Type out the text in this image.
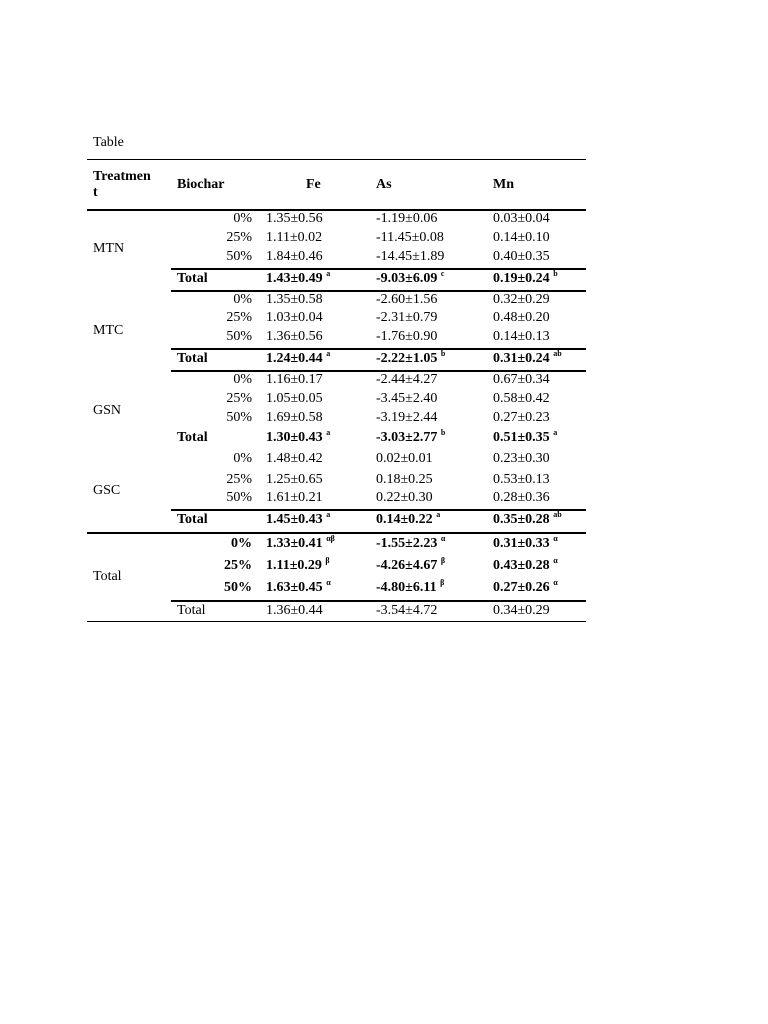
Table
Treatmen
t
Biochar	Fe	As	Mn
MTN
0% 1.35±0.56	-1.19±0.06	0.03±0.04
25% 1.11±0.02	-11.45±0.08	0.14±0.10
50% 1.84±0.46	-14.45±1.89	0.40±0.35
Total	1.43±0.49 $^a$	-9.03±6.09 $^c$	0.19±0.24 $^b$
MTC
0% 1.35±0.58	-2.60±1.56	0.32±0.29
25% 1.03±0.04	-2.31±0.79	0.48±0.20
50% 1.36±0.56	-1.76±0.90	0.14±0.13
Total	1.24±0.44 $^a$	-2.22±1.05 $^b$	0.31±0.24 $^{ab}$
GSN
0% 1.16±0.17	-2.44±4.27	0.67±0.34
25% 1.05±0.05	-3.45±2.40	0.58±0.42
50% 1.69±0.58	-3.19±2.44	0.27±0.23
Total	1.30±0.43 $^a$	-3.03±2.77 $^b$	0.51±0.35 $^a$
GSC
0% 1.48±0.42	0.02±0.01	0.23±0.30
25% 1.25±0.65	0.18±0.25	0.53±0.13
50% 1.61±0.21	0.22±0.30	0.28±0.36
Total	1.45±0.43 $^a$	0.14±0.22 $^a$	0.35±0.28 $^{ab}$
Total
0% 1.33±0.41 $^{\alpha\beta}$	-1.55±2.23 $^\alpha$	0.31±0.33 $^\alpha$
25% 1.11±0.29 $^\beta$	-4.26±4.67 $^\beta$	0.43±0.28 $^\alpha$
50% 1.63±0.45 $^\alpha$	-4.80±6.11 $^\beta$	0.27±0.26 $^\alpha$
Total	1.36±0.44	-3.54±4.72	0.34±0.29
